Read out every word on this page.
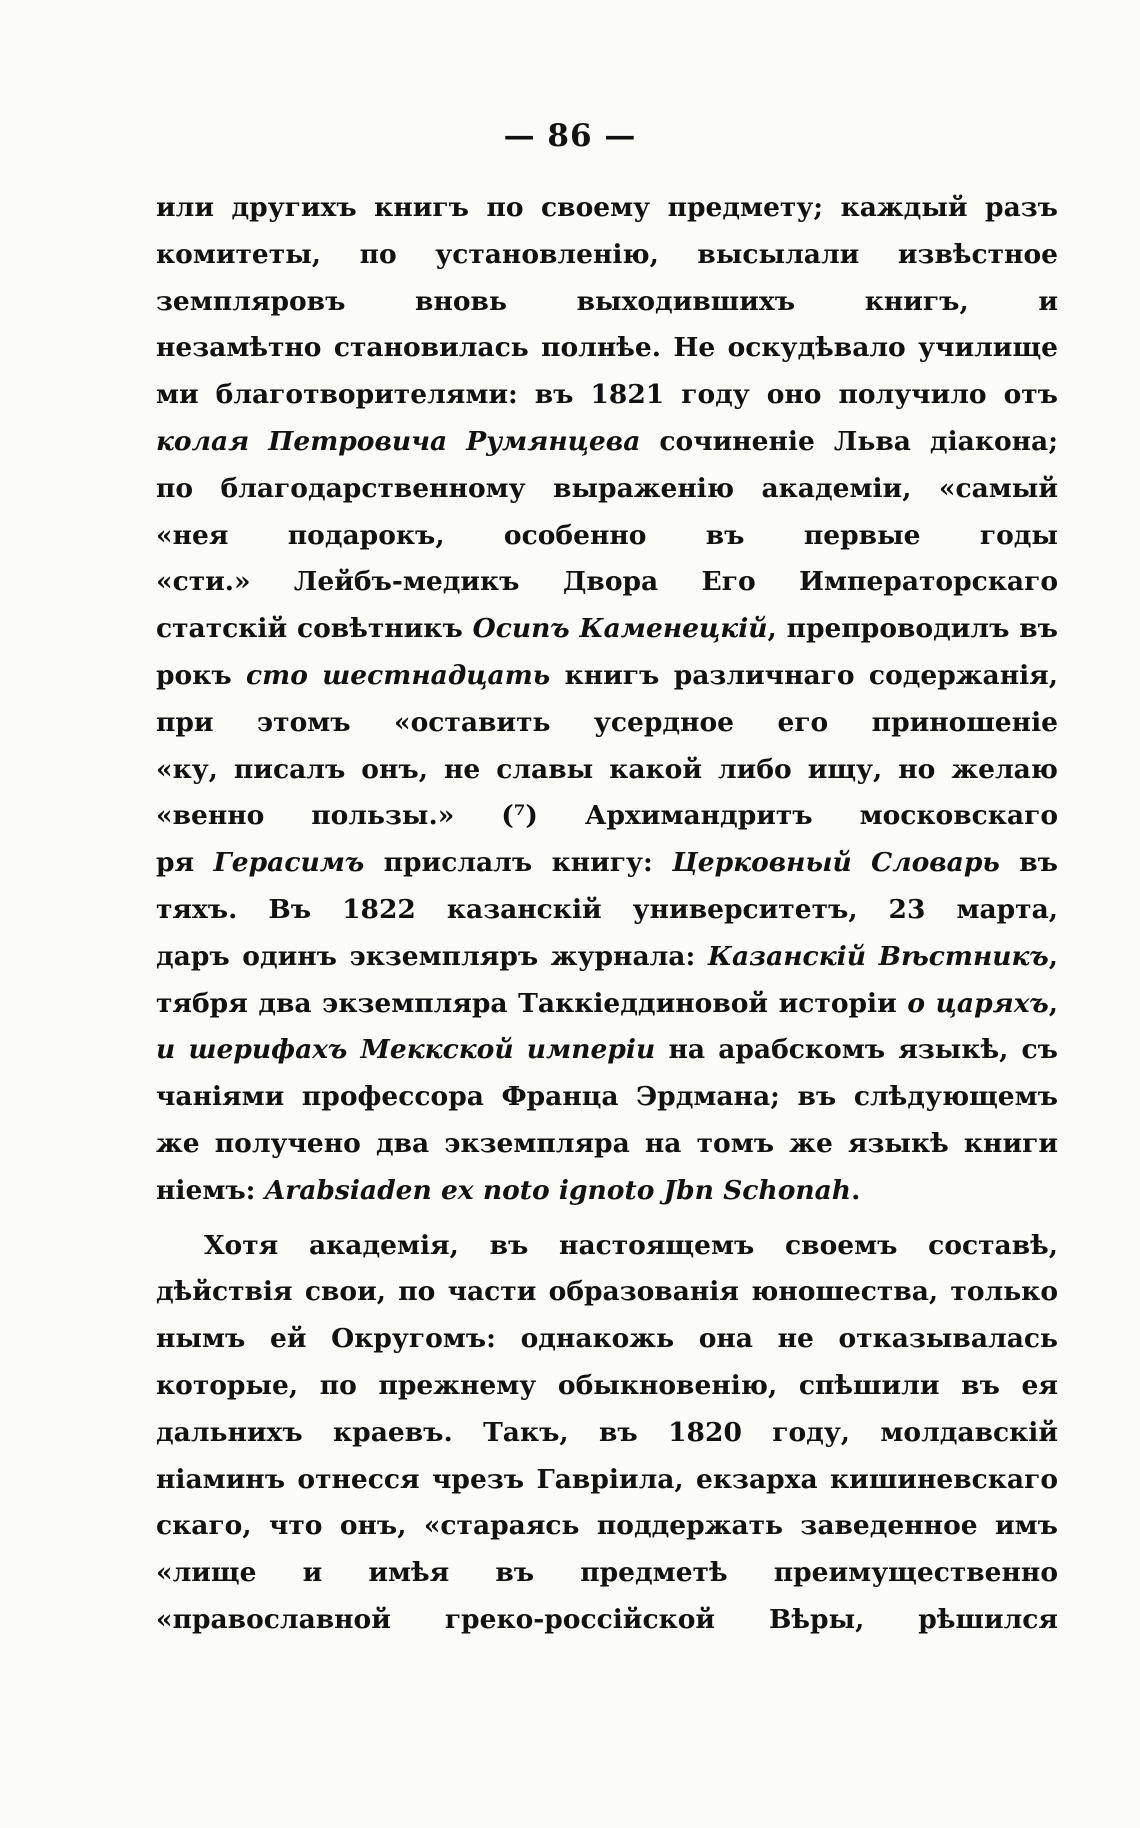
— 86 —
или другихъ книгъ по своему предмету; каждый разъ
комитеты, по установленію, высылали извѣстное
земпляровъ вновь выходившихъ книгъ, и
незамѣтно становилась полнѣе. Не оскудѣвало училище
ми благотворителями: въ 1821 году оно получило отъ
колая Петровича Румянцева сочиненіе Льва діакона;
по благодарственному выраженію академіи, «самый
«нея подарокъ, особенно въ первые годы
«сти.» Лейбъ-медикъ Двора Его Императорскаго
статскій совѣтникъ Осипъ Каменецкій, препроводилъ въ
рокъ сто шестнадцать книгъ различнаго содержанія,
при этомъ «оставить усердное его приношеніе
«ку, писалъ онъ, не славы какой либо ищу, но желаю
«венно пользы.» (⁷) Архимандритъ московскаго
ря Герасимъ прислалъ книгу: Церковный Словарь въ
тяхъ. Въ 1822 казанскій университетъ, 23 марта,
даръ одинъ экземпляръ журнала: Казанскій Вѣстникъ,
тября два экземпляра Таккіеддиновой исторіи о царяхъ,
и шерифахъ Меккской имперіи на арабскомъ языкѣ, съ
чаніями профессора Франца Эрдмана; въ слѣдующемъ
же получено два экземпляра на томъ же языкѣ книги
ніемъ: Arabsiaden ex noto ignoto Jbn Schonah.
Хотя академія, въ настоящемъ своемъ составѣ,
дѣйствія свои, по части образованія юношества, только
нымъ ей Округомъ: однакожь она не отказывалась
которые, по прежнему обыкновенію, спѣшили въ ея
дальнихъ краевъ. Такъ, въ 1820 году, молдавскій
ніаминъ отнесся чрезъ Гавріила, екзарха кишиневскаго
скаго, что онъ, «стараясь поддержать заведенное имъ
«лище и имѣя въ предметѣ преимущественно
«православной греко-россійской Вѣры, рѣшился
